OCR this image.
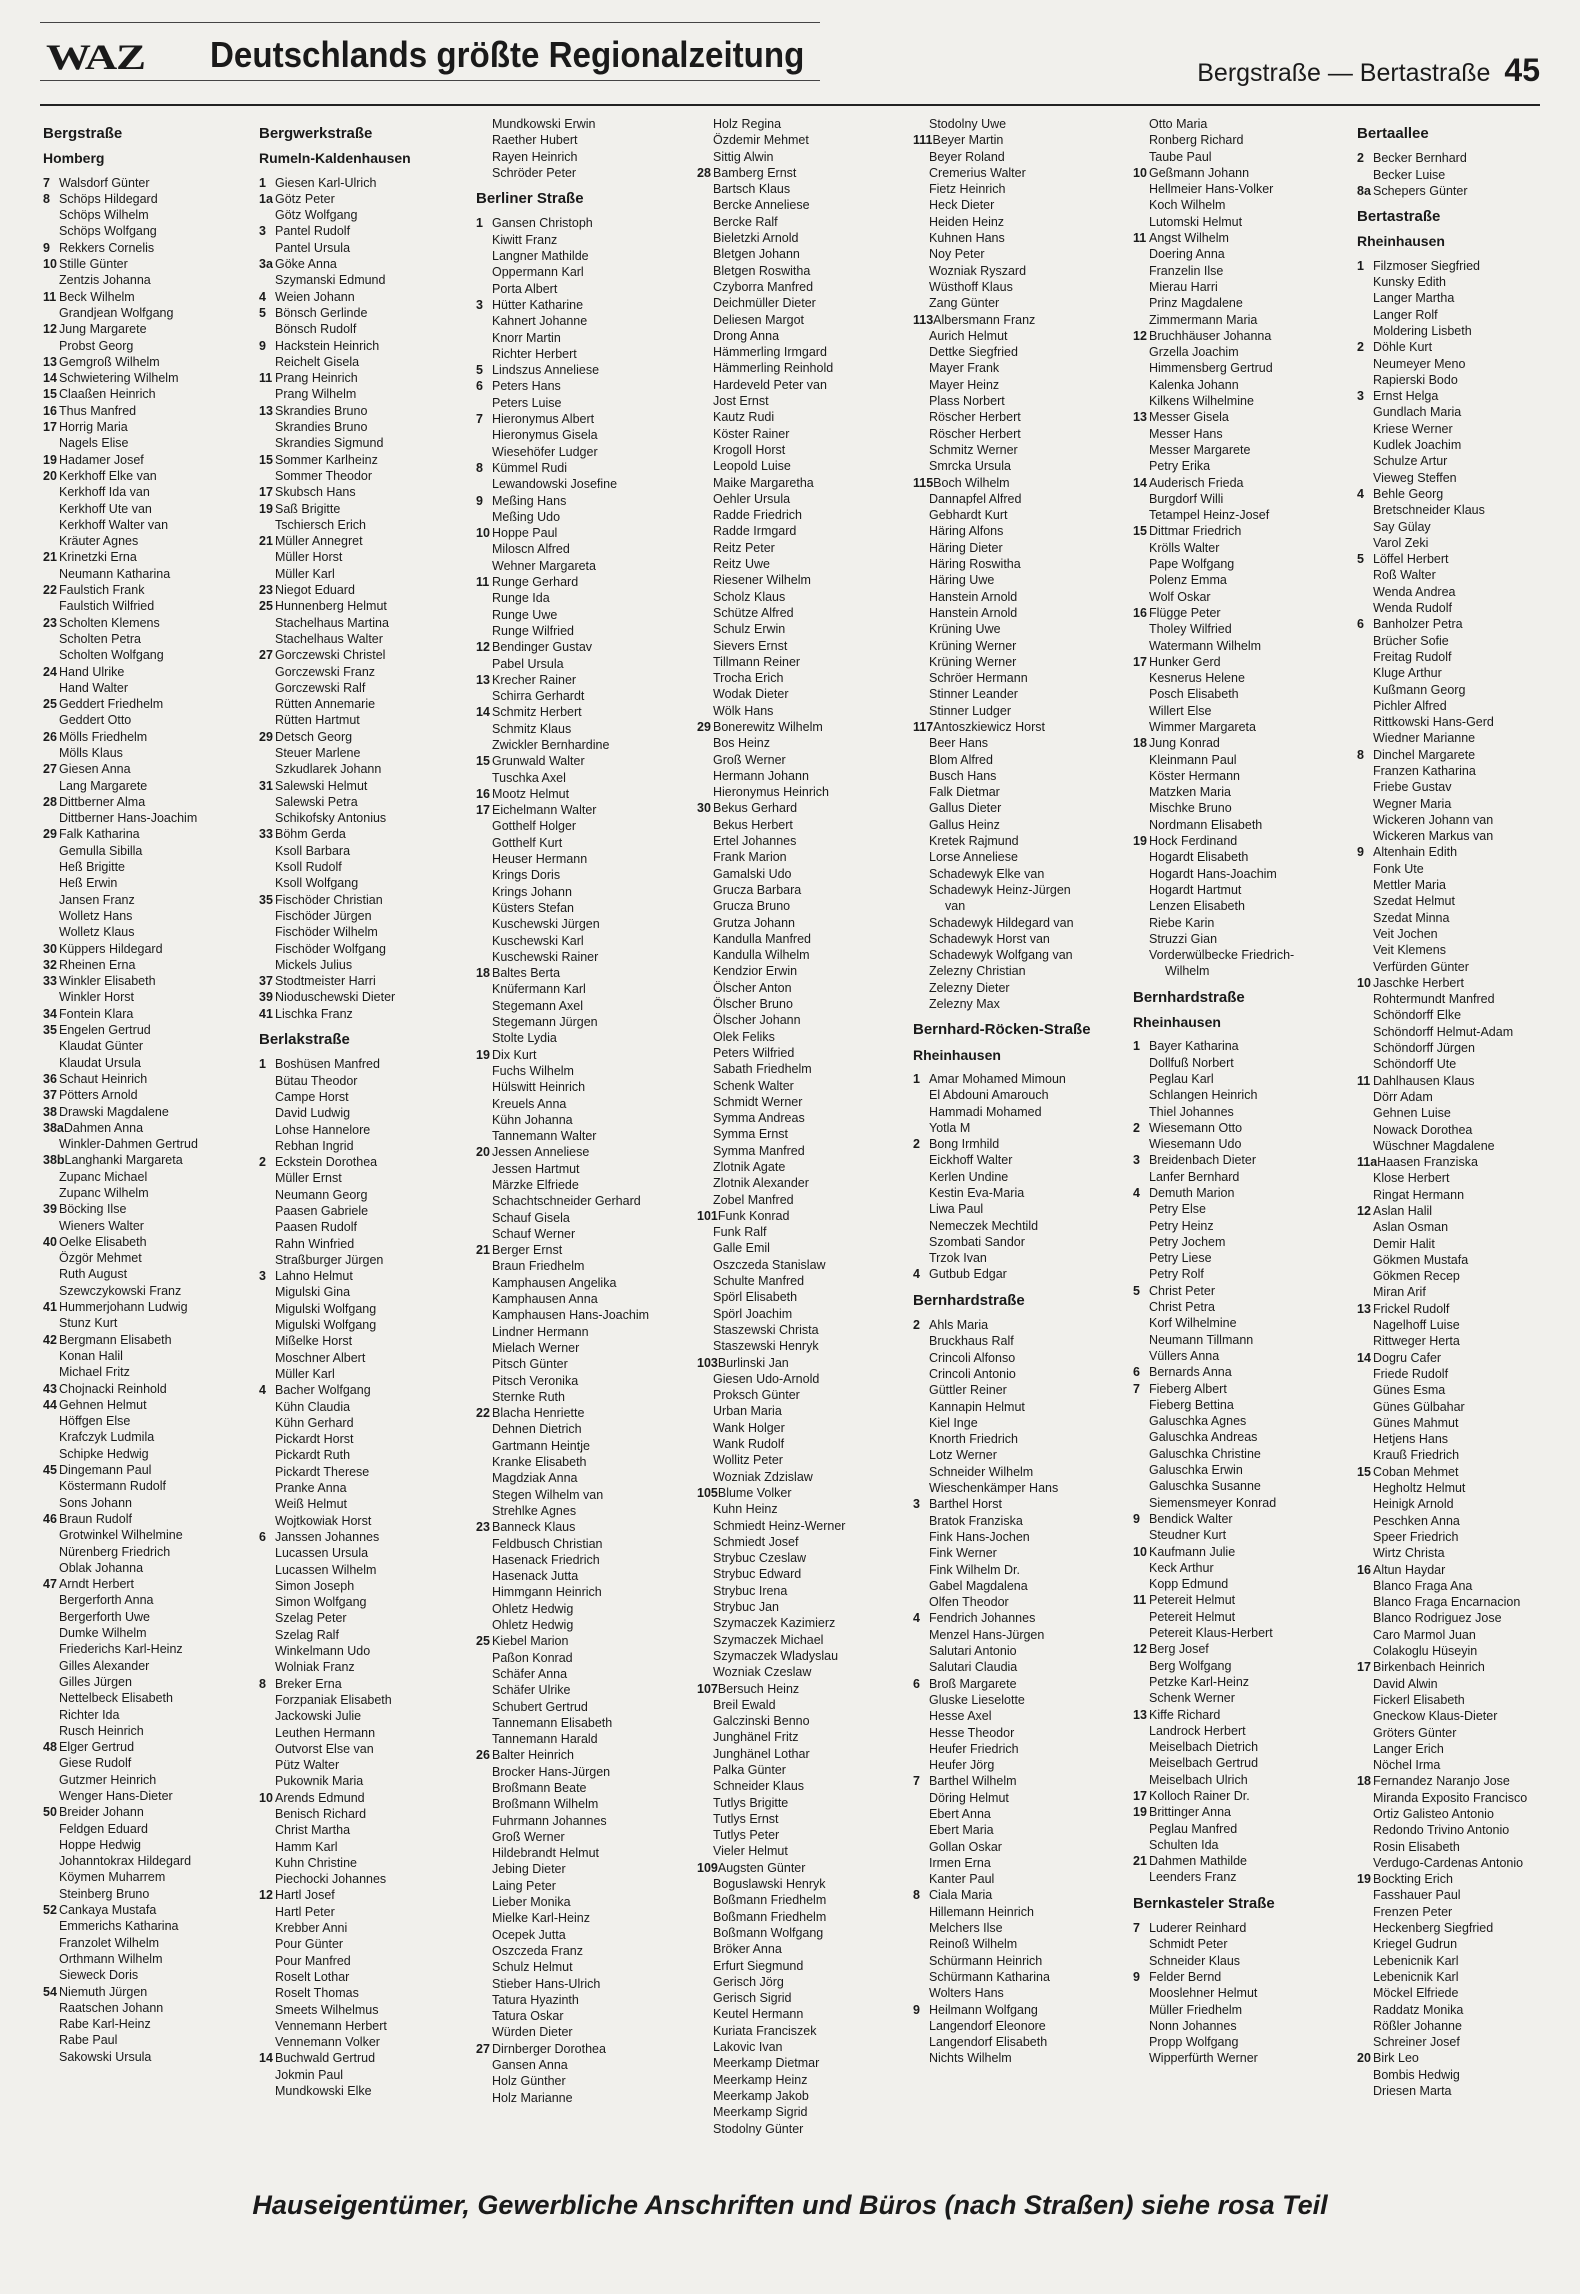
WAZ Deutschlands größte Regionalzeitung	Bergstraße — Bertastraße 45
Bergstraße
Homberg
7 Walsdorf Günter
8 Schöps Hildegard
Schöps Wilhelm
Schöps Wolfgang
9 Rekkers Cornelis
10 Stille Günter
Zentzis Johanna
11 Beck Wilhelm
Grandjean Wolfgang
12 Jung Margarete
Probst Georg
13 Gemgroß Wilhelm
14 Schwietering Wilhelm
15 Claaßen Heinrich
16 Thus Manfred
17 Horrig Maria
Nagels Elise
19 Hadamer Josef
20 Kerkhoff Elke van
Kerkhoff Ida van
Kerkhoff Ute van
Kerkhoff Walter van
Kräuter Agnes
21 Krinetzki Erna
Neumann Katharina
22 Faulstich Frank
Faulstich Wilfried
23 Scholten Klemens
Scholten Petra
Scholten Wolfgang
24 Hand Ulrike
Hand Walter
25 Geddert Friedhelm
Geddert Otto
26 Mölls Friedhelm
Mölls Klaus
27 Giesen Anna
Lang Margarete
28 Dittberner Alma
Dittberner Hans-Joachim
29 Falk Katharina
Gemulla Sibilla
Heß Brigitte
Heß Erwin
Jansen Franz
Wolletz Hans
Wolletz Klaus
30 Küppers Hildegard
32 Rheinen Erna
33 Winkler Elisabeth
Winkler Horst
34 Fontein Klara
35 Engelen Gertrud
Klaudat Günter
Klaudat Ursula
36 Schaut Heinrich
37 Pötters Arnold
38 Drawski Magdalene
38aDahmen Anna
Winkler-Dahmen Gertrud
38bLanghanki Margareta
Zupanc Michael
Zupanc Wilhelm
39 Böcking Ilse
Wieners Walter
40 Oelke Elisabeth
Özgör Mehmet
Ruth August
Szewczykowski Franz
41 Hummerjohann Ludwig
Stunz Kurt
42 Bergmann Elisabeth
Konan Halil
Michael Fritz
43 Chojnacki Reinhold
44 Gehnen Helmut
Höffgen Else
Krafczyk Ludmila
Schipke Hedwig
45 Dingemann Paul
Köstermann Rudolf
Sons Johann
46 Braun Rudolf
Grotwinkel Wilhelmine
Nürenberg Friedrich
Oblak Johanna
47 Arndt Herbert
Bergerforth Anna
Bergerforth Uwe
Dumke Wilhelm
Friederichs Karl-Heinz
Gilles Alexander
Gilles Jürgen
Nettelbeck Elisabeth
Richter Ida
Rusch Heinrich
48 Elger Gertrud
Giese Rudolf
Gutzmer Heinrich
Wenger Hans-Dieter
50 Breider Johann
Feldgen Eduard
Hoppe Hedwig
Johanntokrax Hildegard
Köymen Muharrem
Steinberg Bruno
52 Cankaya Mustafa
Emmerichs Katharina
Franzolet Wilhelm
Orthmann Wilhelm
Sieweck Doris
54 Niemuth Jürgen
Raatschen Johann
Rabe Karl-Heinz
Rabe Paul
Sakowski Ursula
Bergwerkstraße
Rumeln-Kaldenhausen
1 Giesen Karl-Ulrich
1a Götz Peter
Götz Wolfgang
3 Pantel Rudolf
Pantel Ursula
3a Göke Anna
Szymanski Edmund
4 Weien Johann
5 Bönsch Gerlinde
Bönsch Rudolf
9 Hackstein Heinrich
Reichelt Gisela
11 Prang Heinrich
Prang Wilhelm
13 Skrandies Bruno
Skrandies Bruno
Skrandies Sigmund
15 Sommer Karlheinz
Sommer Theodor
17 Skubsch Hans
19 Saß Brigitte
Tschiersch Erich
21 Müller Annegret
Müller Horst
Müller Karl
23 Niegot Eduard
25 Hunnenberg Helmut
Stachelhaus Martina
Stachelhaus Walter
27 Gorczewski Christel
Gorczewski Franz
Gorczewski Ralf
Rütten Annemarie
Rütten Hartmut
29 Detsch Georg
Steuer Marlene
Szkudlarek Johann
31 Salewski Helmut
Salewski Petra
Schikofsky Antonius
33 Böhm Gerda
Ksoll Barbara
Ksoll Rudolf
Ksoll Wolfgang
35 Fischöder Christian
Fischöder Jürgen
Fischöder Wilhelm
Fischöder Wolfgang
Mickels Julius
37 Stodtmeister Harri
39 Nioduschewski Dieter
41 Lischka Franz
Berlakstraße
1 Boshüsen Manfred
Bütau Theodor
Campe Horst
David Ludwig
Lohse Hannelore
Rebhan Ingrid
2 Eckstein Dorothea
Müller Ernst
Neumann Georg
Paasen Gabriele
Paasen Rudolf
Rahn Winfried
Straßburger Jürgen
3 Lahno Helmut
Migulski Gina
Migulski Wolfgang
Migulski Wolfgang
Mißelke Horst
Moschner Albert
Müller Karl
4 Bacher Wolfgang
Kühn Claudia
Kühn Gerhard
Pickardt Horst
Pickardt Ruth
Pickardt Therese
Pranke Anna
Weiß Helmut
Wojtkowiak Horst
6 Janssen Johannes
Lucassen Ursula
Lucassen Wilhelm
Simon Joseph
Simon Wolfgang
Szelag Peter
Szelag Ralf
Winkelmann Udo
Wolniak Franz
8 Breker Erna
Forzpaniak Elisabeth
Jackowski Julie
Leuthen Hermann
Outvorst Else van
Pütz Walter
Pukownik Maria
10 Arends Edmund
Benisch Richard
Christ Martha
Hamm Karl
Kuhn Christine
Piechocki Johannes
12 Hartl Josef
Hartl Peter
Krebber Anni
Pour Günter
Pour Manfred
Roselt Lothar
Roselt Thomas
Smeets Wilhelmus
Vennemann Herbert
Vennemann Volker
14 Buchwald Gertrud
Jokmin Paul
Mundkowski Elke
Mundkowski Erwin
Raether Hubert
Rayen Heinrich
Schröder Peter
Berliner Straße
1 Gansen Christoph
Kiwitt Franz
Langner Mathilde
Oppermann Karl
Porta Albert
3 Hütter Katharine
Kahnert Johanne
Knorr Martin
Richter Herbert
5 Lindszus Anneliese
6 Peters Hans
Peters Luise
7 Hieronymus Albert
Hieronymus Gisela
Wiesehöfer Ludger
8 Kümmel Rudi
Lewandowski Josefine
9 Meßing Hans
Meßing Udo
10 Hoppe Paul
Miloscn Alfred
Wehner Margareta
11 Runge Gerhard
Runge Ida
Runge Uwe
Runge Wilfried
12 Bendinger Gustav
Pabel Ursula
13 Krecher Rainer
Schirra Gerhardt
14 Schmitz Herbert
Schmitz Klaus
Zwickler Bernhardine
15 Grunwald Walter
Tuschka Axel
16 Mootz Helmut
17 Eichelmann Walter
Gotthelf Holger
Gotthelf Kurt
Heuser Hermann
Krings Doris
Krings Johann
Küsters Stefan
Kuschewski Jürgen
Kuschewski Karl
Kuschewski Rainer
18 Baltes Berta
Knüfermann Karl
Stegemann Axel
Stegemann Jürgen
Stolte Lydia
19 Dix Kurt
Fuchs Wilhelm
Hülswitt Heinrich
Kreuels Anna
Kühn Johanna
Tannemann Walter
20 Jessen Anneliese
Jessen Hartmut
Märzke Elfriede
Schachtschneider Gerhard
Schauf Gisela
Schauf Werner
21 Berger Ernst
Braun Friedhelm
Kamphausen Angelika
Kamphausen Anna
Kamphausen Hans-Joachim
Lindner Hermann
Mielach Werner
Pitsch Günter
Pitsch Veronika
Sternke Ruth
22 Blacha Henriette
Dehnen Dietrich
Gartmann Heintje
Kranke Elisabeth
Magdziak Anna
Stegen Wilhelm van
Strehlke Agnes
23 Banneck Klaus
Feldbusch Christian
Hasenack Friedrich
Hasenack Jutta
Himmgann Heinrich
Ohletz Hedwig
Ohletz Hedwig
25 Kiebel Marion
Paßon Konrad
Schäfer Anna
Schäfer Ulrike
Schubert Gertrud
Tannemann Elisabeth
Tannemann Harald
26 Balter Heinrich
Brocker Hans-Jürgen
Broßmann Beate
Broßmann Wilhelm
Fuhrmann Johannes
Groß Werner
Hildebrandt Helmut
Jebing Dieter
Laing Peter
Lieber Monika
Mielke Karl-Heinz
Ocepek Jutta
Oszczeda Franz
Schulz Helmut
Stieber Hans-Ulrich
Tatura Hyazinth
Tatura Oskar
Würden Dieter
27 Dirnberger Dorothea
Gansen Anna
Holz Günther
Holz Marianne
Holz Regina
Özdemir Mehmet
Sittig Alwin
28 Bamberg Ernst
Bartsch Klaus
Bercke Anneliese
Bercke Ralf
Bieletzki Arnold
Bletgen Johann
Bletgen Roswitha
Czyborra Manfred
Deichmüller Dieter
Deliesen Margot
Drong Anna
Hämmerling Irmgard
Hämmerling Reinhold
Hardeveld Peter van
Jost Ernst
Kautz Rudi
Köster Rainer
Krogoll Horst
Leopold Luise
Maike Margaretha
Oehler Ursula
Radde Friedrich
Radde Irmgard
Reitz Peter
Reitz Uwe
Riesener Wilhelm
Scholz Klaus
Schütze Alfred
Schulz Erwin
Sievers Ernst
Tillmann Reiner
Trocha Erich
Wodak Dieter
Wölk Hans
29 Bonerewitz Wilhelm
Bos Heinz
Groß Werner
Hermann Johann
Hieronymus Heinrich
30 Bekus Gerhard
Bekus Herbert
Ertel Johannes
Frank Marion
Gamalski Udo
Grucza Barbara
Grucza Bruno
Grutza Johann
Kandulla Manfred
Kandulla Wilhelm
Kendzior Erwin
Ölscher Anton
Ölscher Bruno
Ölscher Johann
Olek Feliks
Peters Wilfried
Sabath Friedhelm
Schenk Walter
Schmidt Werner
Symma Andreas
Symma Ernst
Symma Manfred
Zlotnik Agate
Zlotnik Alexander
Zobel Manfred
101Funk Konrad
Funk Ralf
Galle Emil
Oszczeda Stanislaw
Schulte Manfred
Spörl Elisabeth
Spörl Joachim
Staszewski Christa
Staszewski Henryk
103Burlinski Jan
Giesen Udo-Arnold
Proksch Günter
Urban Maria
Wank Holger
Wank Rudolf
Wollitz Peter
Wozniak Zdzislaw
105Blume Volker
Kuhn Heinz
Schmiedt Heinz-Werner
Schmiedt Josef
Strybuc Czeslaw
Strybuc Edward
Strybuc Irena
Strybuc Jan
Szymaczek Kazimierz
Szymaczek Michael
Szymaczek Wladyslau
Wozniak Czeslaw
107Bersuch Heinz
Breil Ewald
Galczinski Benno
Junghänel Fritz
Junghänel Lothar
Palka Günter
Schneider Klaus
Tutlys Brigitte
Tutlys Ernst
Tutlys Peter
Vieler Helmut
109Augsten Günter
Boguslawski Henryk
Boßmann Friedhelm
Boßmann Friedhelm
Boßmann Wolfgang
Bröker Anna
Erfurt Siegmund
Gerisch Jörg
Gerisch Sigrid
Keutel Hermann
Kuriata Franciszek
Lakovic Ivan
Meerkamp Dietmar
Meerkamp Heinz
Meerkamp Jakob
Meerkamp Sigrid
Stodolny Günter
Stodolny Uwe
111Beyer Martin
Beyer Roland
Cremerius Walter
Fietz Heinrich
Heck Dieter
Heiden Heinz
Kuhnen Hans
Noy Peter
Wozniak Ryszard
Wüsthoff Klaus
Zang Günter
113Albersmann Franz
Aurich Helmut
Dettke Siegfried
Mayer Frank
Mayer Heinz
Plass Norbert
Röscher Herbert
Röscher Herbert
Schmitz Werner
Smrcka Ursula
115Boch Wilhelm
Dannapfel Alfred
Gebhardt Kurt
Häring Alfons
Häring Dieter
Häring Roswitha
Häring Uwe
Hanstein Arnold
Hanstein Arnold
Krüning Uwe
Krüning Werner
Krüning Werner
Schröer Hermann
Stinner Leander
Stinner Ludger
117Antoszkiewicz Horst
Beer Hans
Blom Alfred
Busch Hans
Falk Dietmar
Gallus Dieter
Gallus Heinz
Kretek Rajmund
Lorse Anneliese
Schadewyk Elke van
Schadewyk Heinz-Jürgen
van
Schadewyk Hildegard van
Schadewyk Horst van
Schadewyk Wolfgang van
Zelezny Christian
Zelezny Dieter
Zelezny Max
Bernhard-Röcken-Straße
Rheinhausen
1 Amar Mohamed Mimoun
El Abdouni Amarouch
Hammadi Mohamed
Yotla M
2 Bong Irmhild
Eickhoff Walter
Kerlen Undine
Kestin Eva-Maria
Liwa Paul
Nemeczek Mechtild
Szombati Sandor
Trzok Ivan
4 Gutbub Edgar
Bernhardstraße
2 Ahls Maria
Bruckhaus Ralf
Crincoli Alfonso
Crincoli Antonio
Güttler Reiner
Kannapin Helmut
Kiel Inge
Knorth Friedrich
Lotz Werner
Schneider Wilhelm
Wieschenkämper Hans
3 Barthel Horst
Bratok Franziska
Fink Hans-Jochen
Fink Werner
Fink Wilhelm Dr.
Gabel Magdalena
Olfen Theodor
4 Fendrich Johannes
Menzel Hans-Jürgen
Salutari Antonio
Salutari Claudia
6 Broß Margarete
Gluske Lieselotte
Hesse Axel
Hesse Theodor
Heufer Friedrich
Heufer Jörg
7 Barthel Wilhelm
Döring Helmut
Ebert Anna
Ebert Maria
Gollan Oskar
Irmen Erna
Kanter Paul
8 Ciala Maria
Hillemann Heinrich
Melchers Ilse
Reinoß Wilhelm
Schürmann Heinrich
Schürmann Katharina
Wolters Hans
9 Heilmann Wolfgang
Langendorf Eleonore
Langendorf Elisabeth
Nichts Wilhelm
Otto Maria
Ronberg Richard
Taube Paul
10 Geßmann Johann
Hellmeier Hans-Volker
Koch Wilhelm
Lutomski Helmut
11 Angst Wilhelm
Doering Anna
Franzelin Ilse
Mierau Harri
Prinz Magdalene
Zimmermann Maria
12 Bruchhäuser Johanna
Grzella Joachim
Himmensberg Gertrud
Kalenka Johann
Kilkens Wilhelmine
13 Messer Gisela
Messer Hans
Messer Margarete
Petry Erika
14 Auderisch Frieda
Burgdorf Willi
Tetampel Heinz-Josef
15 Dittmar Friedrich
Krölls Walter
Pape Wolfgang
Polenz Emma
Wolf Oskar
16 Flügge Peter
Tholey Wilfried
Watermann Wilhelm
17 Hunker Gerd
Kesnerus Helene
Posch Elisabeth
Willert Else
Wimmer Margareta
18 Jung Konrad
Kleinmann Paul
Köster Hermann
Matzken Maria
Mischke Bruno
Nordmann Elisabeth
19 Hock Ferdinand
Hogardt Elisabeth
Hogardt Hans-Joachim
Hogardt Hartmut
Lenzen Elisabeth
Riebe Karin
Struzzi Gian
Vorderwülbecke Friedrich-
Wilhelm
Bernhardstraße
Rheinhausen
1 Bayer Katharina
Dollfuß Norbert
Peglau Karl
Schlangen Heinrich
Thiel Johannes
2 Wiesemann Otto
Wiesemann Udo
3 Breidenbach Dieter
Lanfer Bernhard
4 Demuth Marion
Petry Else
Petry Heinz
Petry Jochem
Petry Liese
Petry Rolf
5 Christ Peter
Christ Petra
Korf Wilhelmine
Neumann Tillmann
Vüllers Anna
6 Bernards Anna
7 Fieberg Albert
Fieberg Bettina
Galuschka Agnes
Galuschka Andreas
Galuschka Christine
Galuschka Erwin
Galuschka Susanne
Siemensmeyer Konrad
9 Bendick Walter
Steudner Kurt
10 Kaufmann Julie
Keck Arthur
Kopp Edmund
11 Petereit Helmut
Petereit Helmut
Petereit Klaus-Herbert
12 Berg Josef
Berg Wolfgang
Petzke Karl-Heinz
Schenk Werner
13 Kiffe Richard
Landrock Herbert
Meiselbach Dietrich
Meiselbach Gertrud
Meiselbach Ulrich
17 Kolloch Rainer Dr.
19 Brittinger Anna
Peglau Manfred
Schulten Ida
21 Dahmen Mathilde
Leenders Franz
Bernkasteler Straße
7 Luderer Reinhard
Schmidt Peter
Schneider Klaus
9 Felder Bernd
Mooslehner Helmut
Müller Friedhelm
Nonn Johannes
Propp Wolfgang
Wipperfürth Werner
Bertaallee
2 Becker Bernhard
Becker Luise
8a Schepers Günter
Bertastraße
Rheinhausen
1 Filzmoser Siegfried
Kunsky Edith
Langer Martha
Langer Rolf
Moldering Lisbeth
2 Döhle Kurt
Neumeyer Meno
Rapierski Bodo
3 Ernst Helga
Gundlach Maria
Kriese Werner
Kudlek Joachim
Schulze Artur
Vieweg Steffen
4 Behle Georg
Bretschneider Klaus
Say Gülay
Varol Zeki
5 Löffel Herbert
Roß Walter
Wenda Andrea
Wenda Rudolf
6 Banholzer Petra
Brücher Sofie
Freitag Rudolf
Kluge Arthur
Kußmann Georg
Pichler Alfred
Rittkowski Hans-Gerd
Wiedner Marianne
8 Dinchel Margarete
Franzen Katharina
Friebe Gustav
Wegner Maria
Wickeren Johann van
Wickeren Markus van
9 Altenhain Edith
Fonk Ute
Mettler Maria
Szedat Helmut
Szedat Minna
Veit Jochen
Veit Klemens
Verfürden Günter
10 Jaschke Herbert
Rohtermundt Manfred
Schöndorff Elke
Schöndorff Helmut-Adam
Schöndorff Jürgen
Schöndorff Ute
11 Dahlhausen Klaus
Dörr Adam
Gehnen Luise
Nowack Dorothea
Wüschner Magdalene
11aHaasen Franziska
Klose Herbert
Ringat Hermann
12 Aslan Halil
Aslan Osman
Demir Halit
Gökmen Mustafa
Gökmen Recep
Miran Arif
13 Frickel Rudolf
Nagelhoff Luise
Rittweger Herta
14 Dogru Cafer
Friede Rudolf
Günes Esma
Günes Gülbahar
Günes Mahmut
Hetjens Hans
Krauß Friedrich
15 Coban Mehmet
Hegholtz Helmut
Heinigk Arnold
Peschken Anna
Speer Friedrich
Wirtz Christa
16 Altun Haydar
Blanco Fraga Ana
Blanco Fraga Encarnacion
Blanco Rodriguez Jose
Caro Marmol Juan
Colakoglu Hüseyin
17 Birkenbach Heinrich
David Alwin
Fickerl Elisabeth
Gneckow Klaus-Dieter
Gröters Günter
Langer Erich
Nöchel Irma
18 Fernandez Naranjo Jose
Miranda Exposito Francisco
Ortiz Galisteo Antonio
Redondo Trivino Antonio
Rosin Elisabeth
Verdugo-Cardenas Antonio
19 Bockting Erich
Fasshauer Paul
Frenzen Peter
Heckenberg Siegfried
Kriegel Gudrun
Lebenicnik Karl
Lebenicnik Karl
Möckel Elfriede
Raddatz Monika
Rößler Johanne
Schreiner Josef
20 Birk Leo
Bombis Hedwig
Driesen Marta
Hauseigentümer, Gewerbliche Anschriften und Büros (nach Straßen) siehe rosa Teil
